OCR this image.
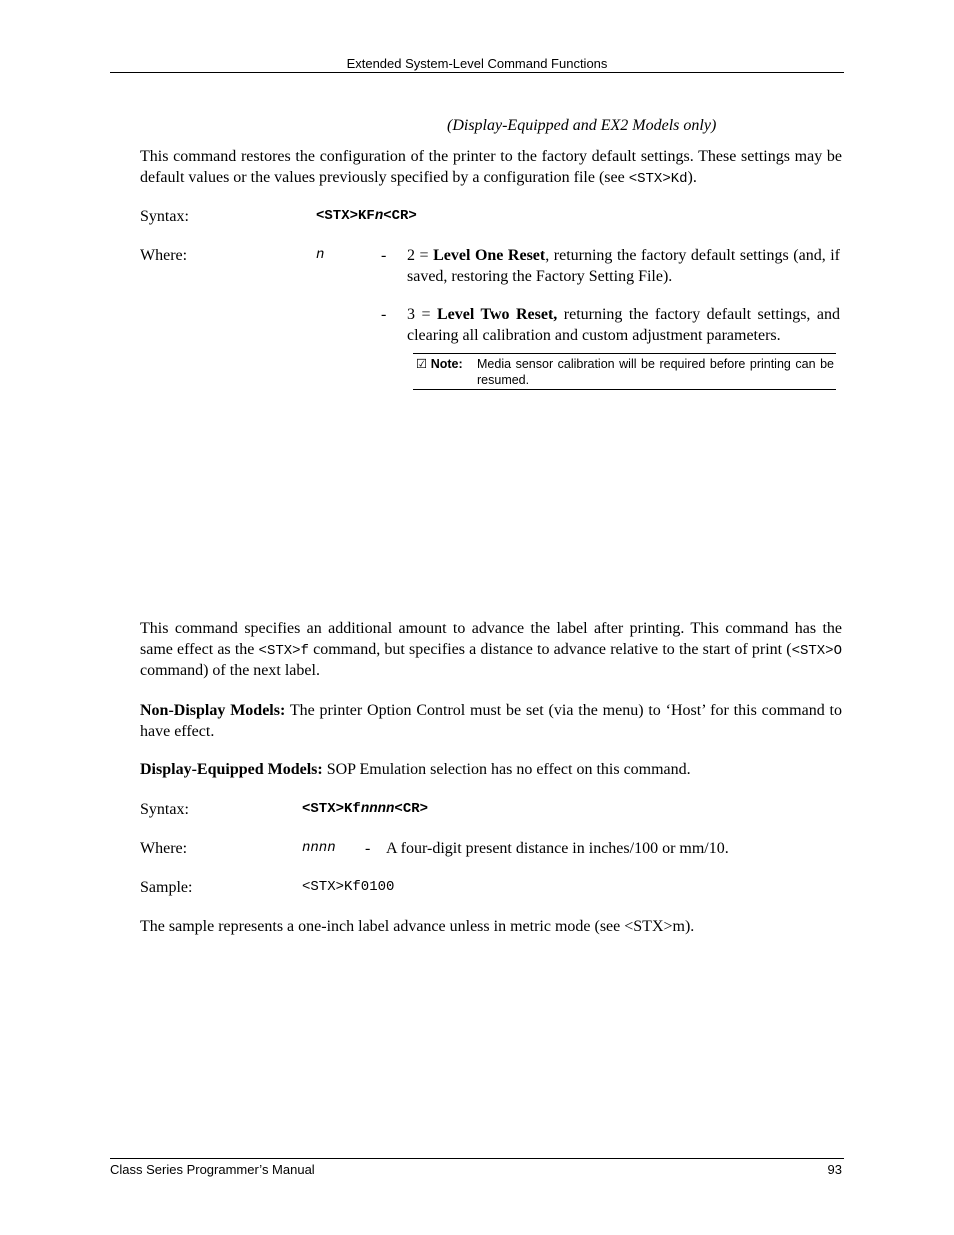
Extended System-Level Command Functions
(Display-Equipped and EX2 Models only)
This command restores the configuration of the printer to the factory default settings. These settings may be default values or the values previously specified by a configuration file (see <STX>Kd).
Syntax:	<STX>KFn<CR>
Where:	n	- 2 = Level One Reset, returning the factory default settings (and, if saved, restoring the Factory Setting File).
- 3 = Level Two Reset, returning the factory default settings, and clearing all calibration and custom adjustment parameters.
☑ Note: Media sensor calibration will be required before printing can be resumed.
This command specifies an additional amount to advance the label after printing. This command has the same effect as the <STX>f command, but specifies a distance to advance relative to the start of print (<STX>O command) of the next label.
Non-Display Models: The printer Option Control must be set (via the menu) to ‘Host’ for this command to have effect.
Display-Equipped Models: SOP Emulation selection has no effect on this command.
Syntax:	<STX>Kfnnnn<CR>
Where:	nnnn - A four-digit present distance in inches/100 or mm/10.
Sample:	<STX>Kf0100
The sample represents a one-inch label advance unless in metric mode (see <STX>m).
Class Series Programmer’s Manual	93
